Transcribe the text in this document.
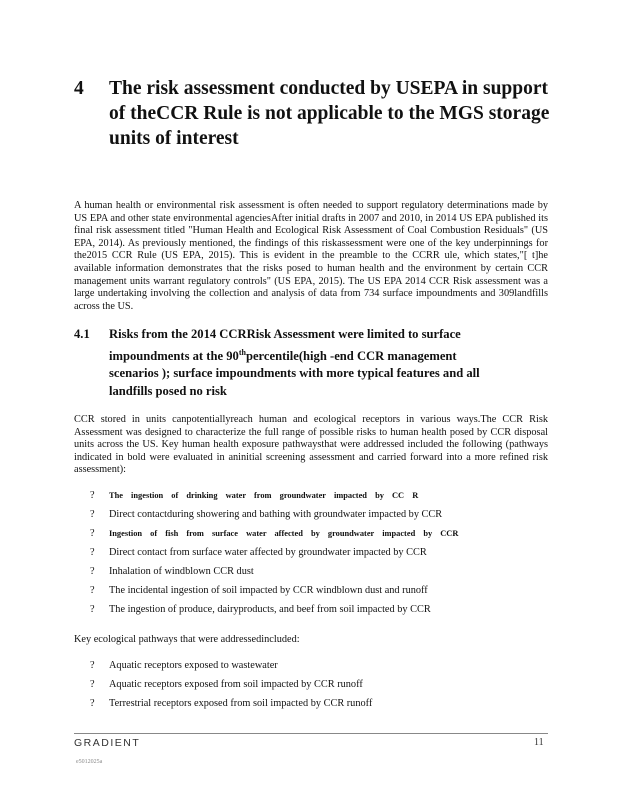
4 The risk assessment conducted by USEPA in support of theCCR Rule is not applicable to the MGS storage units of interest
A human health or environmental risk assessment is often needed to support regulatory determinations made by US EPA and other state environmental agenciesAfter initial drafts in 2007 and 2010, in 2014 US EPA published its final risk assessment titled "Human Health and Ecological Risk Assessment of Coal Combustion Residuals" (US EPA, 2014). As previously mentioned, the findings of this riskassessment were one of the key underpinnings for the2015 CCR Rule (US EPA, 2015). This is evident in the preamble to the CCRR ule, which states,"[ t]he available information demonstrates that the risks posed to human health and the environment by certain CCR management units warrant regulatory controls" (US EPA, 2015). The US EPA 2014 CCR Risk assessment was a large undertaking involving the collection and analysis of data from 734 surface impoundments and 309landfills across the US.
4.1 Risks from the 2014 CCRRisk Assessment were limited to surface
impoundments at the 90thpercentile(high -end CCR management
scenarios ); surface impoundments with more typical features and all
landfills posed no risk
CCR stored in units canpotentiallyreach human and ecological receptors in various ways.The CCR Risk Assessment was designed to characterize the full range of possible risks to human health posed by CCR disposal units across the US. Key human health exposure pathwaysthat were addressed included the following (pathways indicated in bold were evaluated in aninitial screening assessment and carried forward into a more refined risk assessment):
?	The ingestion of drinking water from groundwater impacted by CC R
?	Direct contactduring showering and bathing with groundwater impacted by CCR
?	Ingestion of fish from surface water affected by groundwater impacted by CCR
?	Direct contact from surface water affected by groundwater impacted by CCR
?	Inhalation of windblown CCR dust
?	The incidental ingestion of soil impacted by CCR windblown dust and runoff
?	The ingestion of produce, dairyproducts, and beef from soil impacted by CCR
Key ecological pathways that were addressedincluded:
?	Aquatic receptors exposed to wastewater
?	Aquatic receptors exposed from soil impacted by CCR runoff
?	Terrestrial receptors exposed from soil impacted by CCR runoff
GRADIENT	11
e5012025a
